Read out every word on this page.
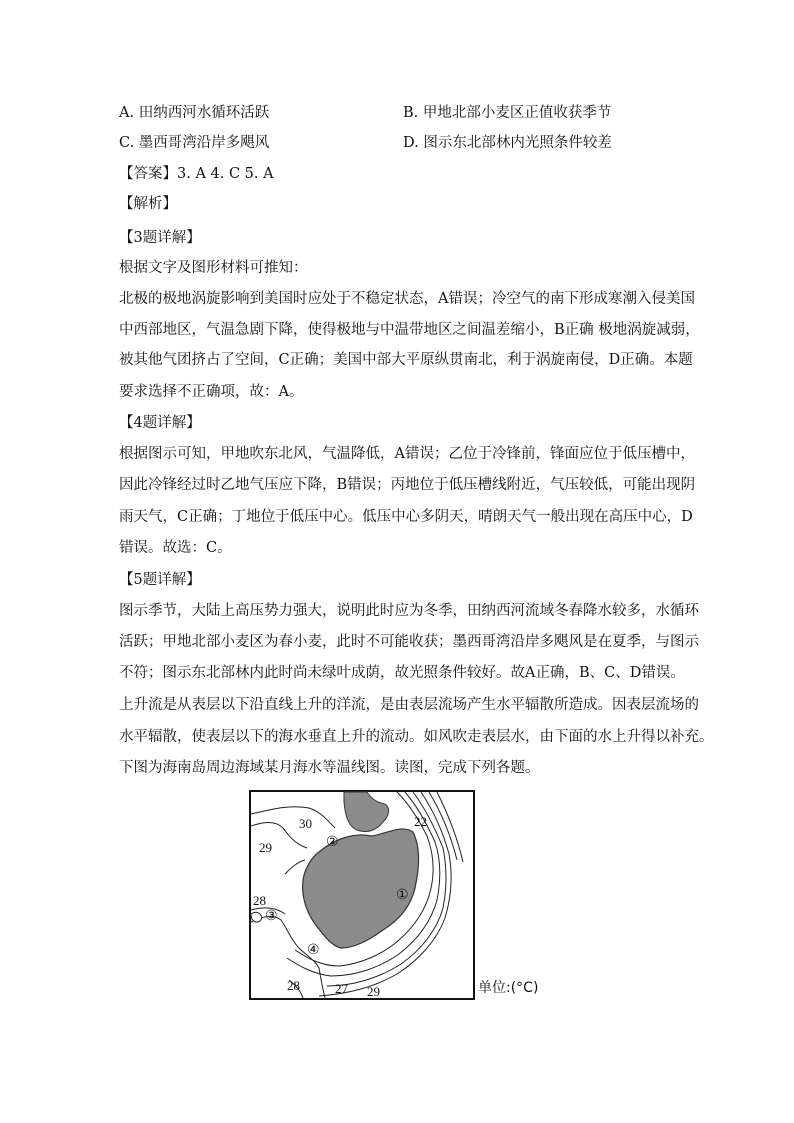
A. 田纳西河水循环活跃	B. 甲地北部小麦区正值收获季节
C. 墨西哥湾沿岸多飓风	D. 图示东北部林内光照条件较差
【答案】3. A 4. C 5. A
【解析】
【3题详解】
根据文字及图形材料可推知：
北极的极地涡旋影响到美国时应处于不稳定状态，A错误；冷空气的南下形成寒潮入侵美国
中西部地区，气温急剧下降，使得极地与中温带地区之间温差缩小，B正确 极地涡旋减弱，
被其他气团挤占了空间，C正确；美国中部大平原纵贯南北，利于涡旋南侵，D正确。本题
要求选择不正确项，故：A。
【4题详解】
根据图示可知，甲地吹东北风，气温降低，A错误；乙位于冷锋前，锋面应位于低压槽中，
因此冷锋经过时乙地气压应下降，B错误；丙地位于低压槽线附近，气压较低，可能出现阴
雨天气，C正确；丁地位于低压中心。低压中心多阴天，晴朗天气一般出现在高压中心，D
错误。故选：C。
【5题详解】
图示季节，大陆上高压势力强大，说明此时应为冬季，田纳西河流域冬春降水较多，水循环
活跃；甲地北部小麦区为春小麦，此时不可能收获；墨西哥湾沿岸多飓风是在夏季，与图示
不符；图示东北部林内此时尚未绿叶成荫，故光照条件较好。故A正确，B、C、D错误。
上升流是从表层以下沿直线上升的洋流，是由表层流场产生水平辐散所造成。因表层流场的
水平辐散，使表层以下的海水垂直上升的流动。如风吹走表层水，由下面的水上升得以补充。
下图为海南岛周边海域某月海水等温线图。读图，完成下列各题。
30	22
29
28
28	27 29
①
②
③
④
单位:(°C)
